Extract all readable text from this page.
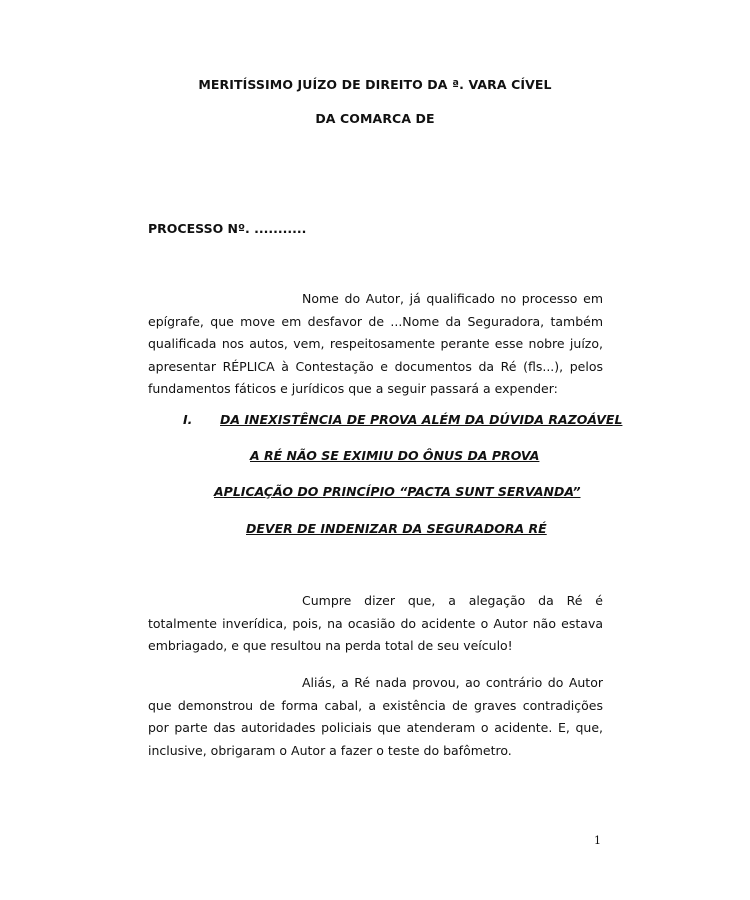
MERITÍSSIMO JUÍZO DE DIREITO DA ª. VARA CÍVEL
DA COMARCA DE
PROCESSO Nº. ...........
Nome do Autor, já qualificado no processo em epígrafe, que move em desfavor de ...Nome da Seguradora, também qualificada nos autos, vem, respeitosamente perante esse nobre juízo, apresentar RÉPLICA à Contestação e documentos da Ré (fls...), pelos fundamentos fáticos e jurídicos que a seguir passará a expender:
I. DA INEXISTÊNCIA DE PROVA ALÉM DA DÚVIDA RAZOÁVEL
A RÉ NÃO SE EXIMIU DO ÔNUS DA PROVA
APLICAÇÃO DO PRINCÍPIO “PACTA SUNT SERVANDA”
DEVER DE INDENIZAR DA SEGURADORA RÉ
Cumpre dizer que, a alegação da Ré é totalmente inverídica, pois, na ocasião do acidente o Autor não estava embriagado, e que resultou na perda total de seu veículo!
Aliás, a Ré nada provou, ao contrário do Autor que demonstrou de forma cabal, a existência de graves contradições por parte das autoridades policiais que atenderam o acidente. E, que, inclusive, obrigaram o Autor a fazer o teste do bafômetro.
1
